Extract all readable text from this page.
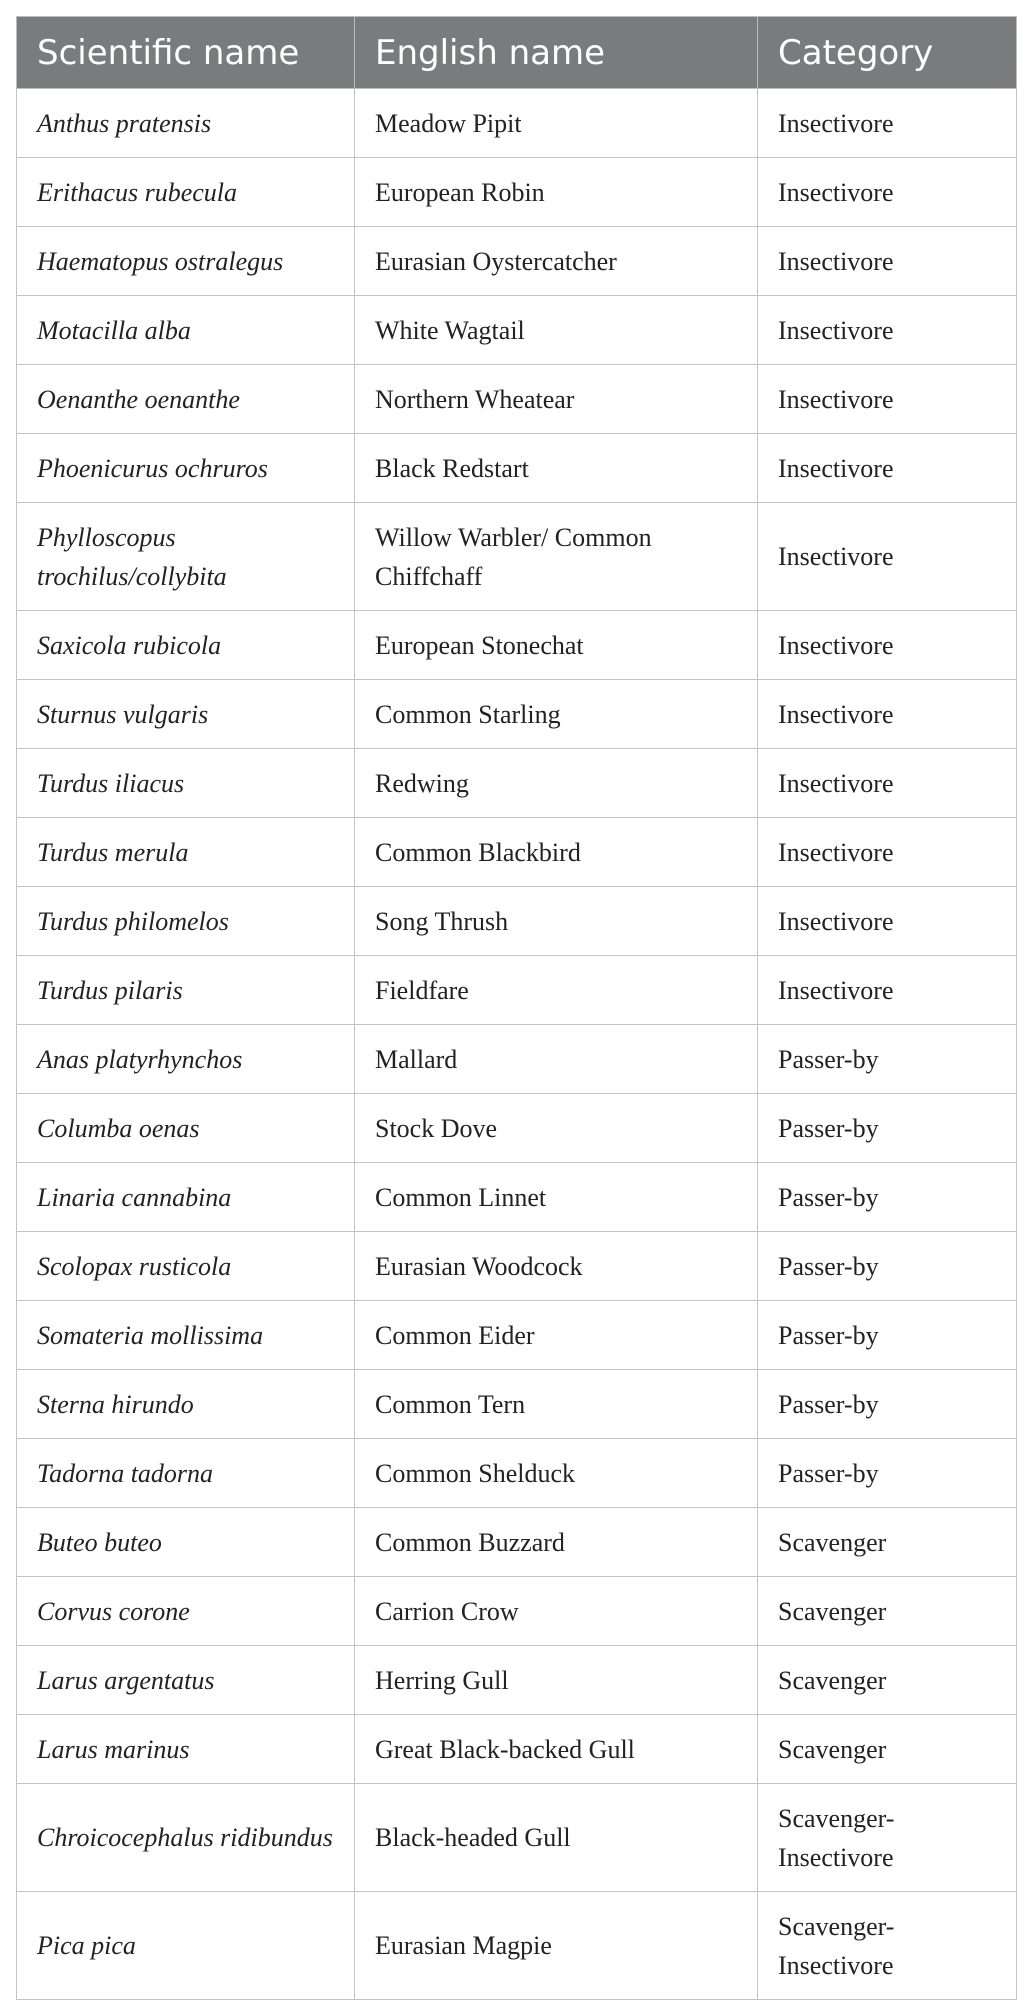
Scientific name	English name	Category
Anthus pratensis	Meadow Pipit	Insectivore
Erithacus rubecula	European Robin	Insectivore
Haematopus ostralegus	Eurasian Oystercatcher	Insectivore
Motacilla alba	White Wagtail	Insectivore
Oenanthe oenanthe	Northern Wheatear	Insectivore
Phoenicurus ochruros	Black Redstart	Insectivore
Phylloscopus trochilus/collybita	Willow Warbler/ Common Chiffchaff	Insectivore
Saxicola rubicola	European Stonechat	Insectivore
Sturnus vulgaris	Common Starling	Insectivore
Turdus iliacus	Redwing	Insectivore
Turdus merula	Common Blackbird	Insectivore
Turdus philomelos	Song Thrush	Insectivore
Turdus pilaris	Fieldfare	Insectivore
Anas platyrhynchos	Mallard	Passer-by
Columba oenas	Stock Dove	Passer-by
Linaria cannabina	Common Linnet	Passer-by
Scolopax rusticola	Eurasian Woodcock	Passer-by
Somateria mollissima	Common Eider	Passer-by
Sterna hirundo	Common Tern	Passer-by
Tadorna tadorna	Common Shelduck	Passer-by
Buteo buteo	Common Buzzard	Scavenger
Corvus corone	Carrion Crow	Scavenger
Larus argentatus	Herring Gull	Scavenger
Larus marinus	Great Black-backed Gull	Scavenger
Chroicocephalus ridibundus	Black-headed Gull	Scavenger-Insectivore
Pica pica	Eurasian Magpie	Scavenger-Insectivore
